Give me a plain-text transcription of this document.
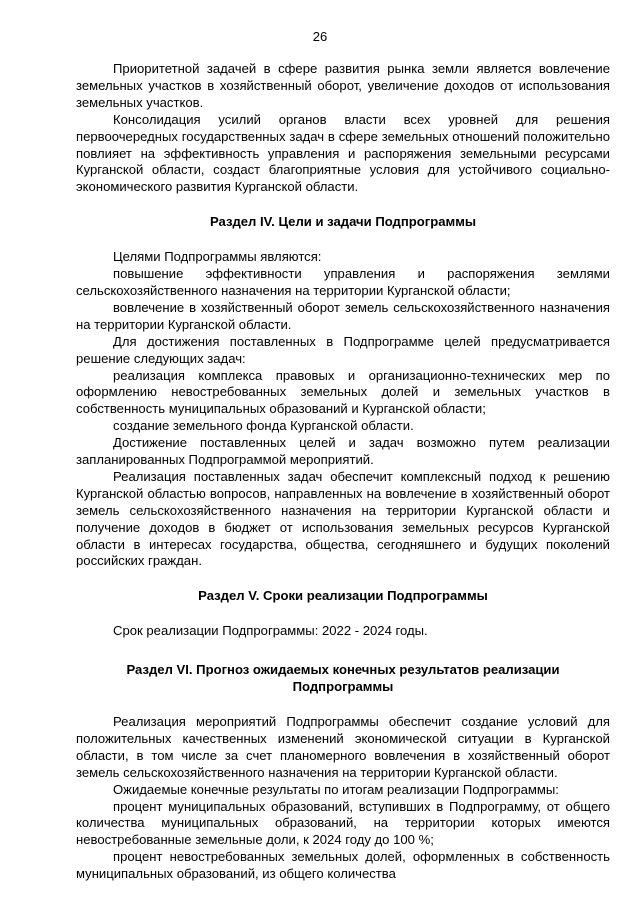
26

Приоритетной задачей в сфере развития рынка земли является вовлечение земельных участков в хозяйственный оборот, увеличение доходов от использования земельных участков.

Консолидация усилий органов власти всех уровней для решения первоочередных государственных задач в сфере земельных отношений положительно повлияет на эффективность управления и распоряжения земельными ресурсами Курганской области, создаст благоприятные условия для устойчивого социально-экономического развития Курганской области.

Раздел IV. Цели и задачи Подпрограммы

Целями Подпрограммы являются:

повышение эффективности управления и распоряжения землями сельскохозяйственного назначения на территории Курганской области;

вовлечение в хозяйственный оборот земель сельскохозяйственного назначения на территории Курганской области.

Для достижения поставленных в Подпрограмме целей предусматривается решение следующих задач:

реализация комплекса правовых и организационно-технических мер по оформлению невостребованных земельных долей и земельных участков в собственность муниципальных образований и Курганской области;

создание земельного фонда Курганской области.

Достижение поставленных целей и задач возможно путем реализации запланированных Подпрограммой мероприятий.

Реализация поставленных задач обеспечит комплексный подход к решению Курганской областью вопросов, направленных на вовлечение в хозяйственный оборот земель сельскохозяйственного назначения на территории Курганской области и получение доходов в бюджет от использования земельных ресурсов Курганской области в интересах государства, общества, сегодняшнего и будущих поколений российских граждан.

Раздел V. Сроки реализации Подпрограммы

Срок реализации Подпрограммы: 2022 - 2024 годы.

Раздел VI. Прогноз ожидаемых конечных результатов реализации Подпрограммы

Реализация мероприятий Подпрограммы обеспечит создание условий для положительных качественных изменений экономической ситуации в Курганской области, в том числе за счет планомерного вовлечения в хозяйственный оборот земель сельскохозяйственного назначения на территории Курганской области.

Ожидаемые конечные результаты по итогам реализации Подпрограммы:

процент муниципальных образований, вступивших в Подпрограмму, от общего количества муниципальных образований, на территории которых имеются невостребованные земельные доли, к 2024 году до 100 %;

процент невостребованных земельных долей, оформленных в собственность муниципальных образований, из общего количества
